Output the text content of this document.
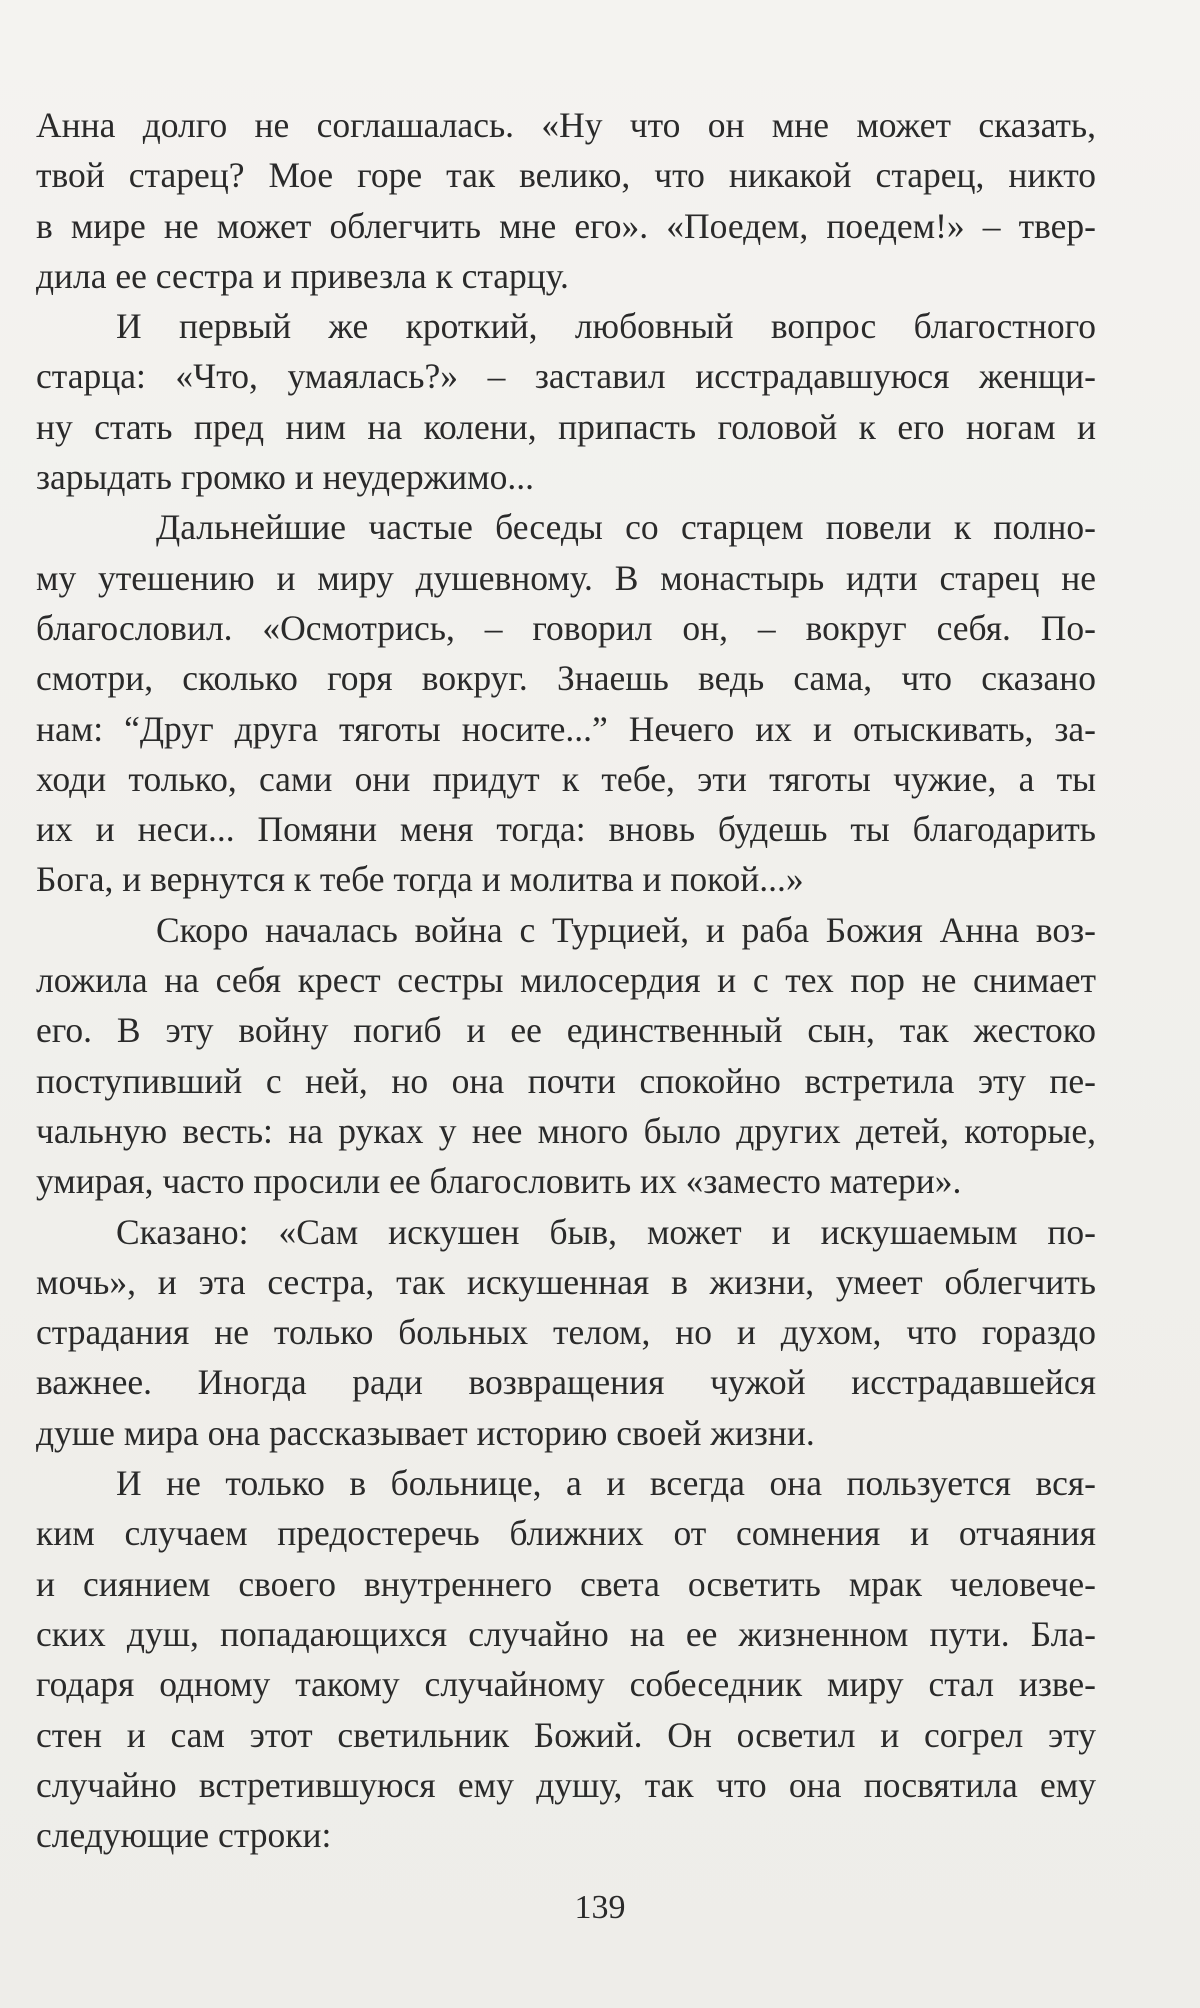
Анна долго не соглашалась. «Ну что он мне может сказать,
твой старец? Мое горе так велико, что никакой старец, никто
в мире не может облегчить мне его». «Поедем, поедем!» – твер-
дила ее сестра и привезла к старцу.
И первый же кроткий, любовный вопрос благостного
старца: «Что, умаялась?» – заставил исстрадавшуюся женщи-
ну стать пред ним на колени, припасть головой к его ногам и
зарыдать громко и неудержимо...
Дальнейшие частые беседы со старцем повели к полно-
му утешению и миру душевному. В монастырь идти старец не
благословил. «Осмотрись, – говорил он, – вокруг себя. По-
смотри, сколько горя вокруг. Знаешь ведь сама, что сказано
нам: “Друг друга тяготы носите...” Нечего их и отыскивать, за-
ходи только, сами они придут к тебе, эти тяготы чужие, а ты
их и неси... Помяни меня тогда: вновь будешь ты благодарить
Бога, и вернутся к тебе тогда и молитва и покой...»
Скоро началась война с Турцией, и раба Божия Анна воз-
ложила на себя крест сестры милосердия и с тех пор не снимает
его. В эту войну погиб и ее единственный сын, так жестоко
поступивший с ней, но она почти спокойно встретила эту пе-
чальную весть: на руках у нее много было других детей, которые,
умирая, часто просили ее благословить их «заместо матери».
Сказано: «Сам искушен быв, может и искушаемым по-
мочь», и эта сестра, так искушенная в жизни, умеет облегчить
страдания не только больных телом, но и духом, что гораздо
важнее. Иногда ради возвращения чужой исстрадавшейся
душе мира она рассказывает историю своей жизни.
И не только в больнице, а и всегда она пользуется вся-
ким случаем предостеречь ближних от сомнения и отчаяния
и сиянием своего внутреннего света осветить мрак человече-
ских душ, попадающихся случайно на ее жизненном пути. Бла-
годаря одному такому случайному собеседник миру стал изве-
стен и сам этот светильник Божий. Он осветил и согрел эту
случайно встретившуюся ему душу, так что она посвятила ему
следующие строки:
139
